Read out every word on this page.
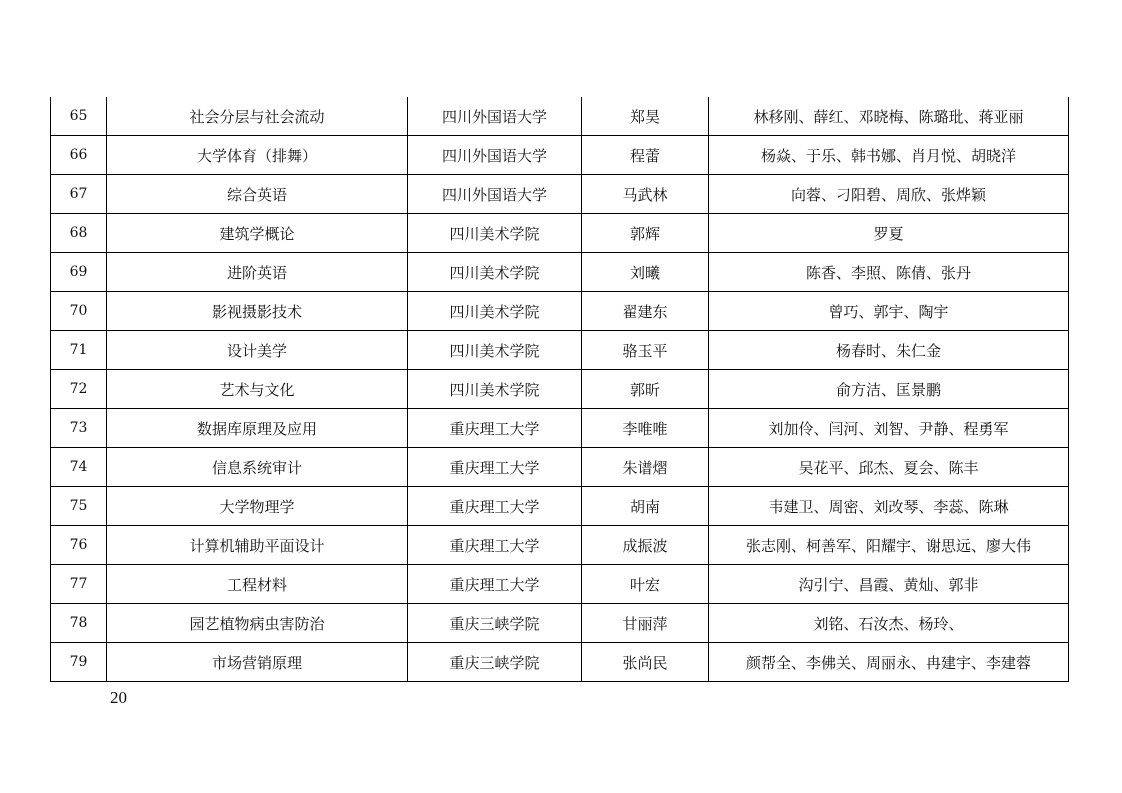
65	社会分层与社会流动	四川外国语大学	郑昊	林移刚、薛红、邓晓梅、陈璐玭、蒋亚丽
66	大学体育（排舞）	四川外国语大学	程蕾	杨焱、于乐、韩书娜、肖月悦、胡晓洋
67	综合英语	四川外国语大学	马武林	向蓉、刁阳碧、周欣、张烨颖
68	建筑学概论	四川美术学院	郭辉	罗夏
69	进阶英语	四川美术学院	刘曦	陈香、李照、陈倩、张丹
70	影视摄影技术	四川美术学院	翟建东	曾巧、郭宇、陶宇
71	设计美学	四川美术学院	骆玉平	杨春时、朱仁金
72	艺术与文化	四川美术学院	郭昕	俞方洁、匡景鹏
73	数据库原理及应用	重庆理工大学	李唯唯	刘加伶、闫河、刘智、尹静、程勇军
74	信息系统审计	重庆理工大学	朱谱熠	吴花平、邱杰、夏会、陈丰
75	大学物理学	重庆理工大学	胡南	韦建卫、周密、刘改琴、李蕊、陈琳
76	计算机辅助平面设计	重庆理工大学	成振波	张志刚、柯善军、阳耀宇、谢思远、廖大伟
77	工程材料	重庆理工大学	叶宏	沟引宁、昌霞、黄灿、郭非
78	园艺植物病虫害防治	重庆三峡学院	甘丽萍	刘铭、石汝杰、杨玲、
79	市场营销原理	重庆三峡学院	张尚民	颜帮全、李佛关、周丽永、冉建宇、李建蓉
20
